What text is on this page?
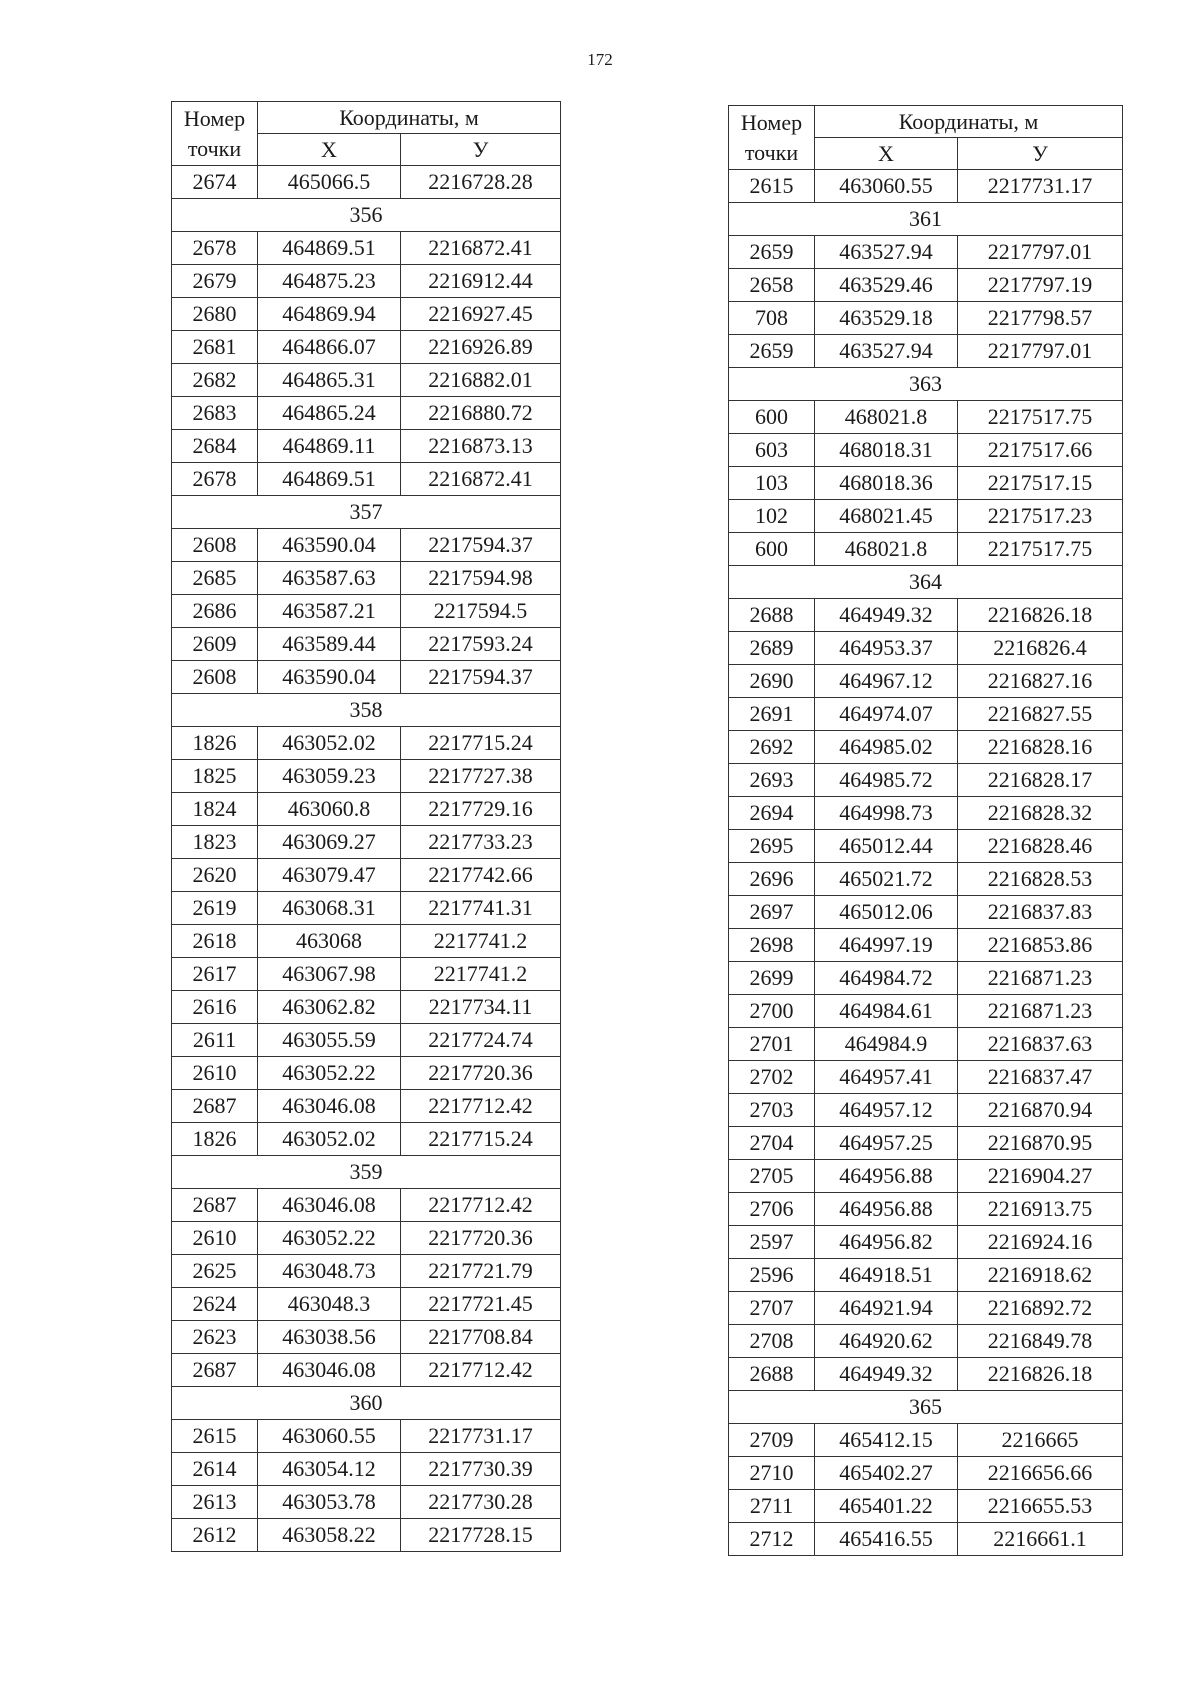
172
Номер
точки	Координаты, м	
	X	У
2674	465066.5	2216728.28
356		
2678	464869.51	2216872.41
2679	464875.23	2216912.44
2680	464869.94	2216927.45
2681	464866.07	2216926.89
2682	464865.31	2216882.01
2683	464865.24	2216880.72
2684	464869.11	2216873.13
2678	464869.51	2216872.41
357		
2608	463590.04	2217594.37
2685	463587.63	2217594.98
2686	463587.21	2217594.5
2609	463589.44	2217593.24
2608	463590.04	2217594.37
358		
1826	463052.02	2217715.24
1825	463059.23	2217727.38
1824	463060.8	2217729.16
1823	463069.27	2217733.23
2620	463079.47	2217742.66
2619	463068.31	2217741.31
2618	463068	2217741.2
2617	463067.98	2217741.2
2616	463062.82	2217734.11
2611	463055.59	2217724.74
2610	463052.22	2217720.36
2687	463046.08	2217712.42
1826	463052.02	2217715.24
359		
2687	463046.08	2217712.42
2610	463052.22	2217720.36
2625	463048.73	2217721.79
2624	463048.3	2217721.45
2623	463038.56	2217708.84
2687	463046.08	2217712.42
360		
2615	463060.55	2217731.17
2614	463054.12	2217730.39
2613	463053.78	2217730.28
2612	463058.22	2217728.15
Номер
точки	Координаты, м	
	X	У
2615	463060.55	2217731.17
361		
2659	463527.94	2217797.01
2658	463529.46	2217797.19
708	463529.18	2217798.57
2659	463527.94	2217797.01
363		
600	468021.8	2217517.75
603	468018.31	2217517.66
103	468018.36	2217517.15
102	468021.45	2217517.23
600	468021.8	2217517.75
364		
2688	464949.32	2216826.18
2689	464953.37	2216826.4
2690	464967.12	2216827.16
2691	464974.07	2216827.55
2692	464985.02	2216828.16
2693	464985.72	2216828.17
2694	464998.73	2216828.32
2695	465012.44	2216828.46
2696	465021.72	2216828.53
2697	465012.06	2216837.83
2698	464997.19	2216853.86
2699	464984.72	2216871.23
2700	464984.61	2216871.23
2701	464984.9	2216837.63
2702	464957.41	2216837.47
2703	464957.12	2216870.94
2704	464957.25	2216870.95
2705	464956.88	2216904.27
2706	464956.88	2216913.75
2597	464956.82	2216924.16
2596	464918.51	2216918.62
2707	464921.94	2216892.72
2708	464920.62	2216849.78
2688	464949.32	2216826.18
365		
2709	465412.15	2216665
2710	465402.27	2216656.66
2711	465401.22	2216655.53
2712	465416.55	2216661.1
